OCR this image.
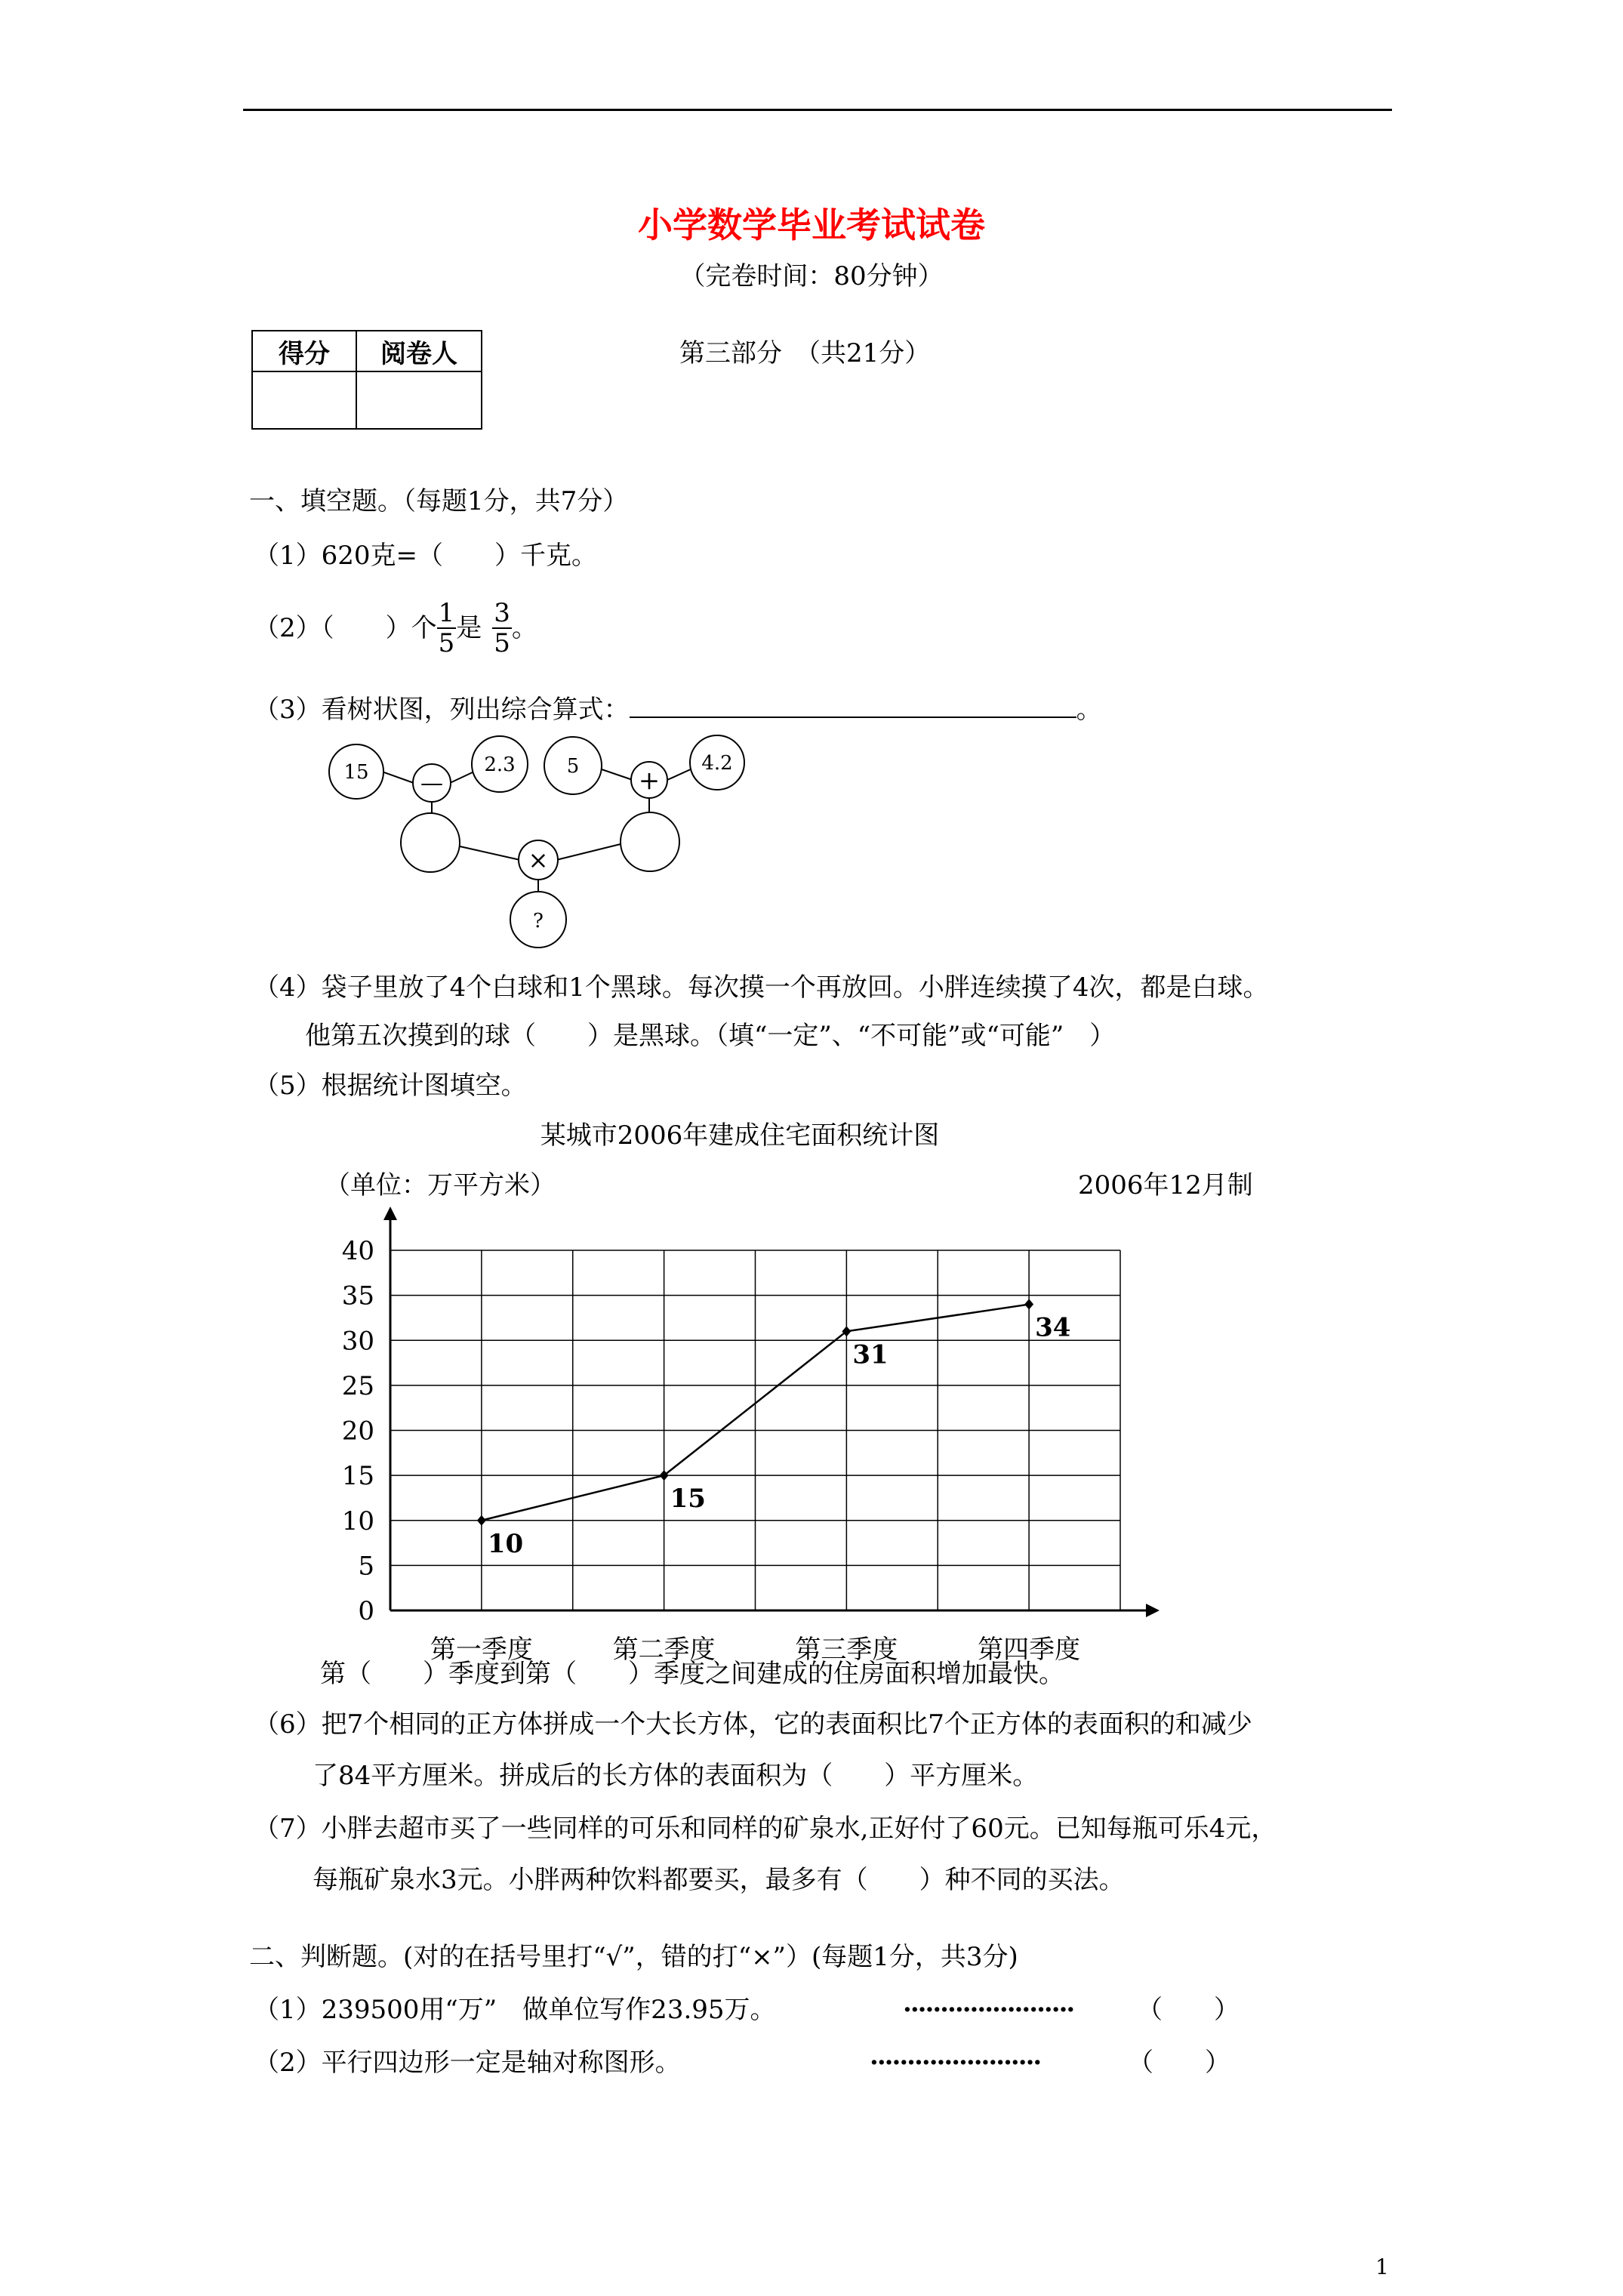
小学数学毕业考试试卷
（完卷时间：80分钟）
得分	阅卷人
		第三部分　（共21分）
一、填空题。（每题1分，共7分）
（1）620克=（　　）千克。
（2）（　　）个 $\frac{1}{5}$ 是 $\frac{3}{5}$ 。
（3）看树状图，列出综合算式：	。
15 —
2.3	5 +
4.2
×
?
（4）袋子里放了4个白球和1个黑球。每次摸一个再放回。小胖连续摸了4次，都是白球。
他第五次摸到的球（　　）是黑球。（填“一定”、“不可能”或“可能”　）
（5）根据统计图填空。
某城市2006年建成住宅面积统计图
（单位：万平方米）	2006年12月制
0
5
10
15
20
25
30
35
40
第一季度	第二季度	第三季度	第四季度
10
15
31
34
第（　　）季度到第（　　）季度之间建成的住房面积增加最快。
（6）把7个相同的正方体拼成一个大长方体，它的表面积比7个正方体的表面积的和减少
了84平方厘米。拼成后的长方体的表面积为（　　）平方厘米。
（7）小胖去超市买了一些同样的可乐和同样的矿泉水,正好付了60元。已知每瓶可乐4元，
每瓶矿泉水3元。小胖两种饮料都要买，最多有（　　）种不同的买法。
二、判断题。(对的在括号里打“√”，错的打“×”）(每题1分，共3分)
（1）239500用“万”　做单位写作23.95万。	······················· （　　）
（2）平行四边形一定是轴对称图形。	·······················	（　　）
1
